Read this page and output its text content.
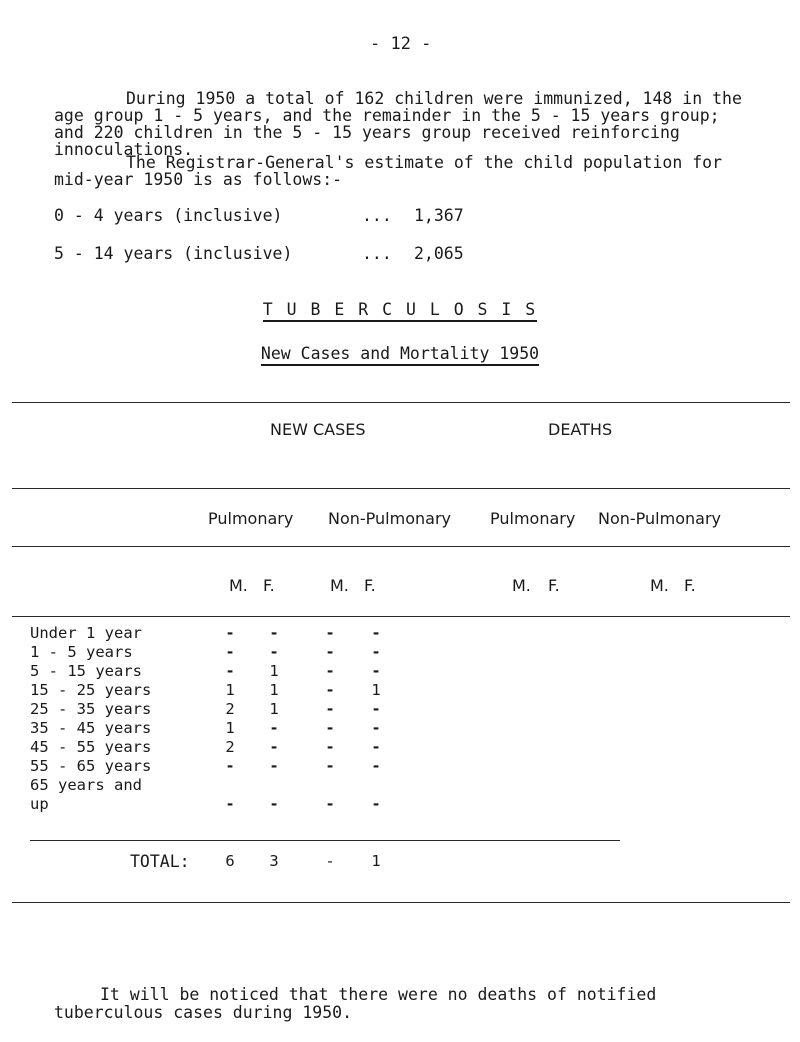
- 12 -
During 1950 a total of 162 children were immunized, 148 in the age group 1 - 5 years, and the remainder in the 5 - 15 years group; and 220 children in the 5 - 15 years group received reinforcing innoculations.
The Registrar-General's estimate of the child population for mid-year 1950 is as follows:-
0 - 4 years (inclusive)	... 1,367
5 - 14 years (inclusive)	... 2,065
T U B E R C U L O S I S
New Cases and Mortality 1950
NEW CASES	DEATHS
Pulmonary Non-Pulmonary Pulmonary Non-Pulmonary
M. F.	M. F.	M. F.	M. F.
Under 1 year	-	-	-	-
1 - 5 years	-	-	-	-
5 - 15 years	-	1	-	-
15 - 25 years	1	1	-	1
25 - 35 years	2	1	-	-
35 - 45 years	1	-	-	-
45 - 55 years	2	-	-	-
55 - 65 years	-	-	-	-
65 years and
up	-	-	-	-
TOTAL:	6	3	-	1
It will be noticed that there were no deaths of notified tuberculous cases during 1950.
